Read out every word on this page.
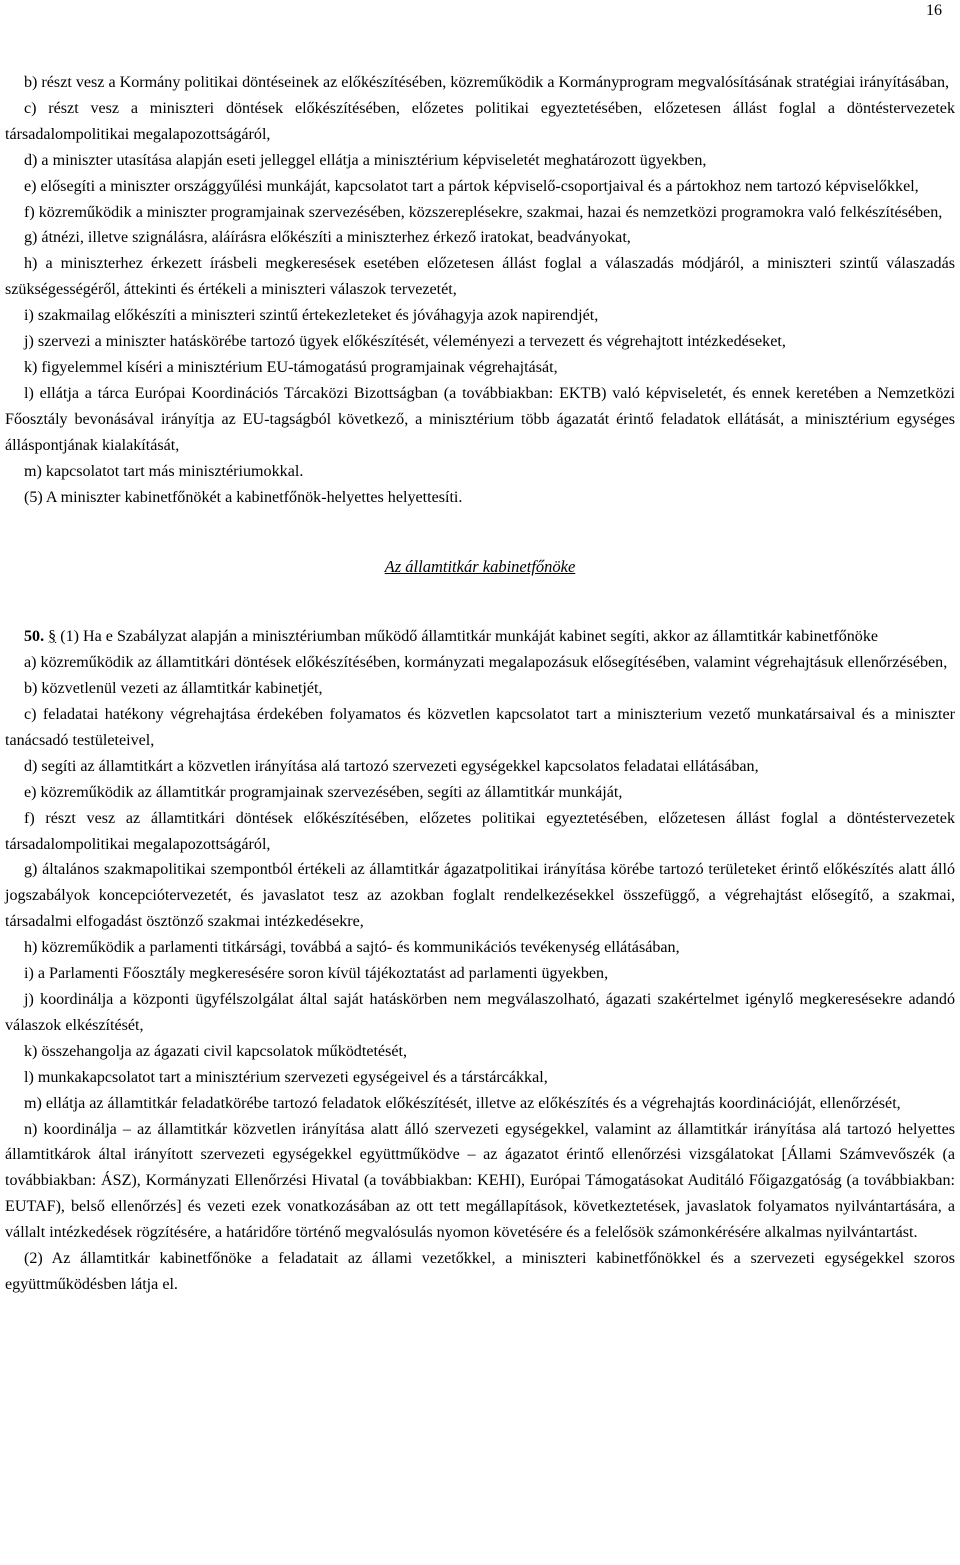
16

b) részt vesz a Kormány politikai döntéseinek az előkészítésében, közreműködik a Kormányprogram megvalósításának stratégiai irányításában,

c) részt vesz a miniszteri döntések előkészítésében, előzetes politikai egyeztetésében, előzetesen állást foglal a döntéstervezetek társadalompolitikai megalapozottságáról,

d) a miniszter utasítása alapján eseti jelleggel ellátja a minisztérium képviseletét meghatározott ügyekben,

e) elősegíti a miniszter országgyűlési munkáját, kapcsolatot tart a pártok képviselő-csoportjaival és a pártokhoz nem tartozó képviselőkkel,

f) közreműködik a miniszter programjainak szervezésében, közszereplésekre, szakmai, hazai és nemzetközi programokra való felkészítésében,

g) átnézi, illetve szignálásra, aláírásra előkészíti a miniszterhez érkező iratokat, beadványokat,

h) a miniszterhez érkezett írásbeli megkeresések esetében előzetesen állást foglal a válaszadás módjáról, a miniszteri szintű válaszadás szükségességéről, áttekinti és értékeli a miniszteri válaszok tervezetét,

i) szakmailag előkészíti a miniszteri szintű értekezleteket és jóváhagyja azok napirendjét,

j) szervezi a miniszter hatáskörébe tartozó ügyek előkészítését, véleményezi a tervezett és végrehajtott intézkedéseket,

k) figyelemmel kíséri a minisztérium EU-támogatású programjainak végrehajtását,

l) ellátja a tárca Európai Koordinációs Tárcaközi Bizottságban (a továbbiakban: EKTB) való képviseletét, és ennek keretében a Nemzetközi Főosztály bevonásával irányítja az EU-tagságból következő, a minisztérium több ágazatát érintő feladatok ellátását, a minisztérium egységes álláspontjának kialakítását,

m) kapcsolatot tart más minisztériumokkal.

(5) A miniszter kabinetfőnökét a kabinetfőnök-helyettes helyettesíti.

Az államtitkár kabinetfőnöke

50. § (1) Ha e Szabályzat alapján a minisztériumban működő államtitkár munkáját kabinet segíti, akkor az államtitkár kabinetfőnöke

a) közreműködik az államtitkári döntések előkészítésében, kormányzati megalapozásuk elősegítésében, valamint végrehajtásuk ellenőrzésében,

b) közvetlenül vezeti az államtitkár kabinetjét,

c) feladatai hatékony végrehajtása érdekében folyamatos és közvetlen kapcsolatot tart a miniszterium vezető munkatársaival és a miniszter tanácsadó testületeivel,

d) segíti az államtitkárt a közvetlen irányítása alá tartozó szervezeti egységekkel kapcsolatos feladatai ellátásában,

e) közreműködik az államtitkár programjainak szervezésében, segíti az államtitkár munkáját,

f) részt vesz az államtitkári döntések előkészítésében, előzetes politikai egyeztetésében, előzetesen állást foglal a döntéstervezetek társadalompolitikai megalapozottságáról,

g) általános szakmapolitikai szempontból értékeli az államtitkár ágazatpolitikai irányítása körébe tartozó területeket érintő előkészítés alatt álló jogszabályok koncepciótervezetét, és javaslatot tesz az azokban foglalt rendelkezésekkel összefüggő, a végrehajtást elősegítő, a szakmai, társadalmi elfogadást ösztönző szakmai intézkedésekre,

h) közreműködik a parlamenti titkársági, továbbá a sajtó- és kommunikációs tevékenység ellátásában,

i) a Parlamenti Főosztály megkeresésére soron kívül tájékoztatást ad parlamenti ügyekben,

j) koordinálja a központi ügyfélszolgálat által saját hatáskörben nem megválaszolható, ágazati szakértelmet igénylő megkeresésekre adandó válaszok elkészítését,

k) összehangolja az ágazati civil kapcsolatok működtetését,

l) munkakapcsolatot tart a minisztérium szervezeti egységeivel és a társtárcákkal,

m) ellátja az államtitkár feladatkörébe tartozó feladatok előkészítését, illetve az előkészítés és a végrehajtás koordinációját, ellenőrzését,

n) koordinálja – az államtitkár közvetlen irányítása alatt álló szervezeti egységekkel, valamint az államtitkár irányítása alá tartozó helyettes államtitkárok által irányított szervezeti egységekkel együttműködve – az ágazatot érintő ellenőrzési vizsgálatokat [Állami Számvevőszék (a továbbiakban: ÁSZ), Kormányzati Ellenőrzési Hivatal (a továbbiakban: KEHI), Európai Támogatásokat Auditáló Főigazgatóság (a továbbiakban: EUTAF), belső ellenőrzés] és vezeti ezek vonatkozásában az ott tett megállapítások, következtetések, javaslatok folyamatos nyilvántartására, a vállalt intézkedések rögzítésére, a határidőre történő megvalósulás nyomon követésére és a felelősök számonkérésére alkalmas nyilvántartást.

(2) Az államtitkár kabinetfőnöke a feladatait az állami vezetőkkel, a miniszteri kabinetfőnökkel és a szervezeti egységekkel szoros együttműködésben látja el.
